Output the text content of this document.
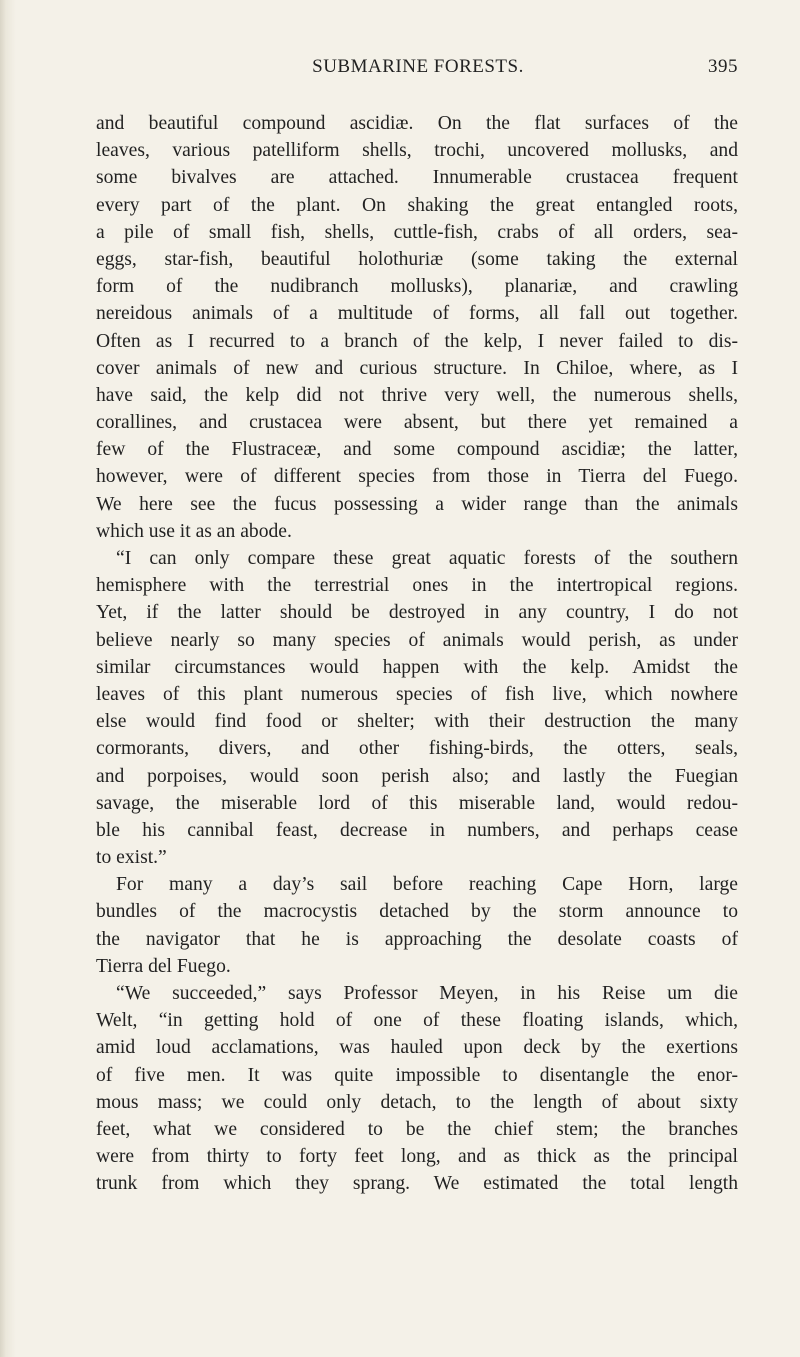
SUBMARINE FORESTS.	395
and beautiful compound ascidiæ. On the flat surfaces of the
leaves, various patelliform shells, trochi, uncovered mollusks, and
some bivalves are attached. Innumerable crustacea frequent
every part of the plant. On shaking the great entangled roots,
a pile of small fish, shells, cuttle-fish, crabs of all orders, sea-
eggs, star-fish, beautiful holothuriæ (some taking the external
form of the nudibranch mollusks), planariæ, and crawling
nereidous animals of a multitude of forms, all fall out together.
Often as I recurred to a branch of the kelp, I never failed to dis-
cover animals of new and curious structure. In Chiloe, where, as I
have said, the kelp did not thrive very well, the numerous shells,
corallines, and crustacea were absent, but there yet remained a
few of the Flustraceæ, and some compound ascidiæ; the latter,
however, were of different species from those in Tierra del Fuego.
We here see the fucus possessing a wider range than the animals
which use it as an abode.
“I can only compare these great aquatic forests of the southern
hemisphere with the terrestrial ones in the intertropical regions.
Yet, if the latter should be destroyed in any country, I do not
believe nearly so many species of animals would perish, as under
similar circumstances would happen with the kelp. Amidst the
leaves of this plant numerous species of fish live, which nowhere
else would find food or shelter; with their destruction the many
cormorants, divers, and other fishing-birds, the otters, seals,
and porpoises, would soon perish also; and lastly the Fuegian
savage, the miserable lord of this miserable land, would redou-
ble his cannibal feast, decrease in numbers, and perhaps cease
to exist.”
For many a day’s sail before reaching Cape Horn, large
bundles of the macrocystis detached by the storm announce to
the navigator that he is approaching the desolate coasts of
Tierra del Fuego.
“We succeeded,” says Professor Meyen, in his Reise um die
Welt, “in getting hold of one of these floating islands, which,
amid loud acclamations, was hauled upon deck by the exertions
of five men. It was quite impossible to disentangle the enor-
mous mass; we could only detach, to the length of about sixty
feet, what we considered to be the chief stem; the branches
were from thirty to forty feet long, and as thick as the principal
trunk from which they sprang. We estimated the total length
